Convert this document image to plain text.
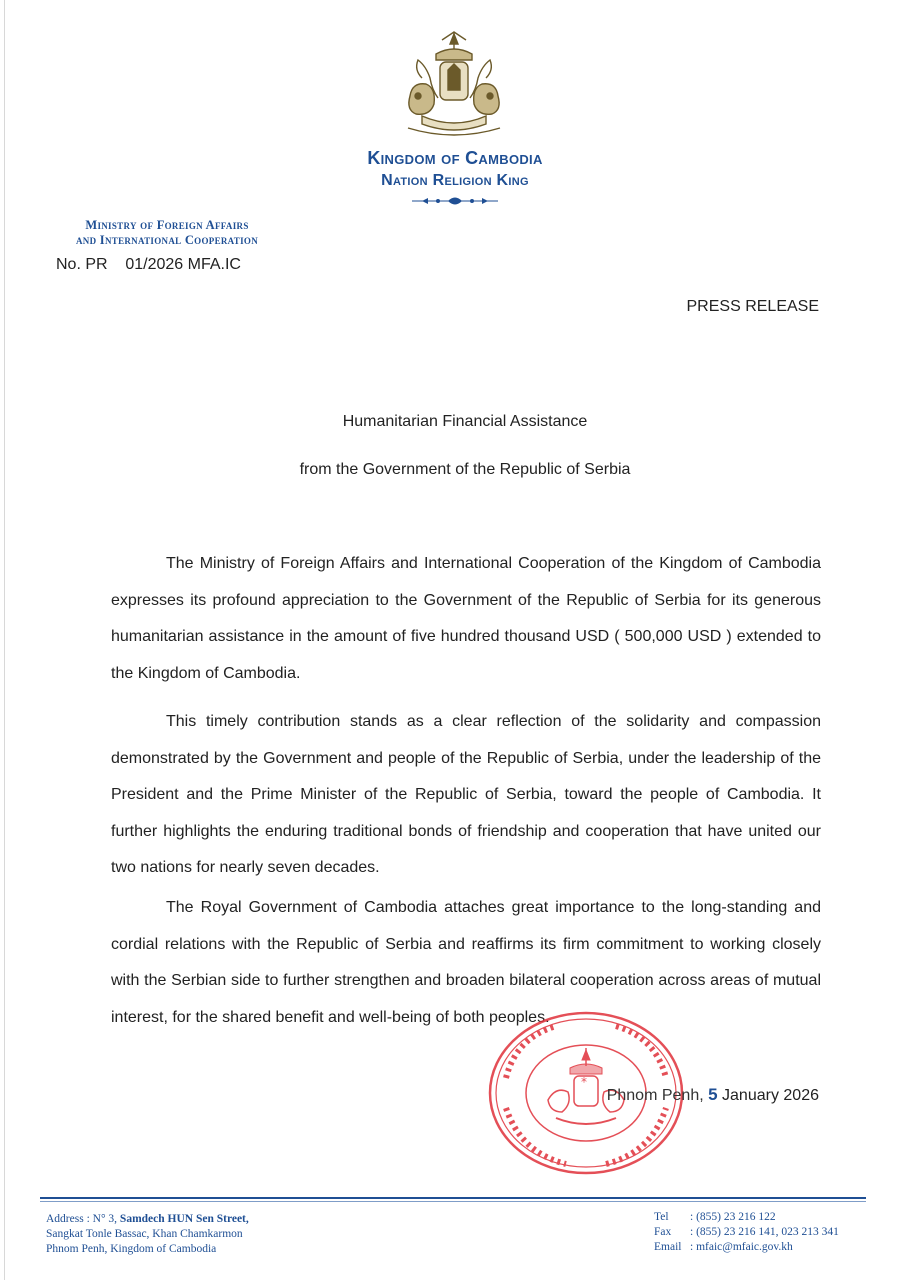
Kingdom of Cambodia
Nation Religion King
Ministry of Foreign Affairs
and International Cooperation
No. PR 01/2026 MFA.IC
PRESS RELEASE
Humanitarian Financial Assistance
from the Government of the Republic of Serbia

The Ministry of Foreign Affairs and International Cooperation of the Kingdom of Cambodia expresses its profound appreciation to the Government of the Republic of Serbia for its generous humanitarian assistance in the amount of five hundred thousand USD ( 500,000 USD ) extended to the Kingdom of Cambodia.

This timely contribution stands as a clear reflection of the solidarity and compassion demonstrated by the Government and people of the Republic of Serbia, under the leadership of the President and the Prime Minister of the Republic of Serbia, toward the people of Cambodia. It further highlights the enduring traditional bonds of friendship and cooperation that have united our two nations for nearly seven decades.

The Royal Government of Cambodia attaches great importance to the long-standing and cordial relations with the Republic of Serbia and reaffirms its firm commitment to working closely with the Serbian side to further strengthen and broaden bilateral cooperation across areas of mutual interest, for the shared benefit and well-being of both peoples.

*
Phnom Penh, 5 January 2026
Address : N° 3, Samdech HUN Sen Street,
Sangkat Tonle Bassac, Khan Chamkarmon
Phnom Penh, Kingdom of Cambodia
Tel : (855) 23 216 122
Fax : (855) 23 216 141, 023 213 341
Email : mfaic@mfaic.gov.kh
